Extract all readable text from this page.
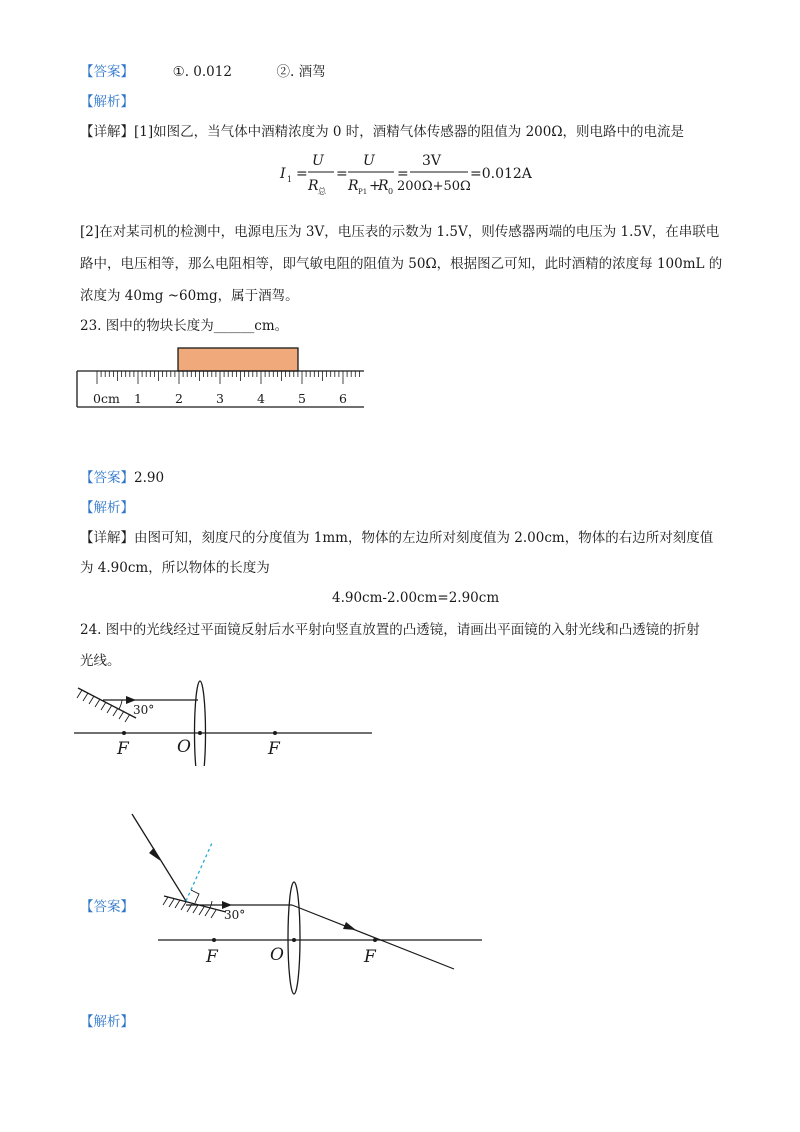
【答案】	①. 0.012	②. 酒驾
【解析】
【详解】[1]如图乙，当气体中酒精浓度为 0 时，酒精气体传感器的阻值为 200Ω，则电路中的电流是
I 1 =
U
R 总
=
U
R P1 +
R 0
=
3V
200Ω+50Ω
=0.012A
[2]在对某司机的检测中，电源电压为 3V，电压表的示数为 1.5V，则传感器两端的电压为 1.5V，在串联电
路中，电压相等，那么电阻相等，即气敏电阻的阻值为 50Ω，根据图乙可知，此时酒精的浓度每 100mL 的
浓度为 40mg ~60mg，属于酒驾。
23. 图中的物块长度为______cm。
0cm 1	2	3	4	5	6
【答案】2.90
【解析】
【详解】由图可知，刻度尺的分度值为 1mm，物体的左边所对刻度值为 2.00cm，物体的右边所对刻度值
为 4.90cm，所以物体的长度为
4.90cm-2.00cm=2.90cm
24. 图中的光线经过平面镜反射后水平射向竖直放置的凸透镜，请画出平面镜的入射光线和凸透镜的折射
光线。
30°
F	O	F
【答案】	30°
F	O	F
【解析】
